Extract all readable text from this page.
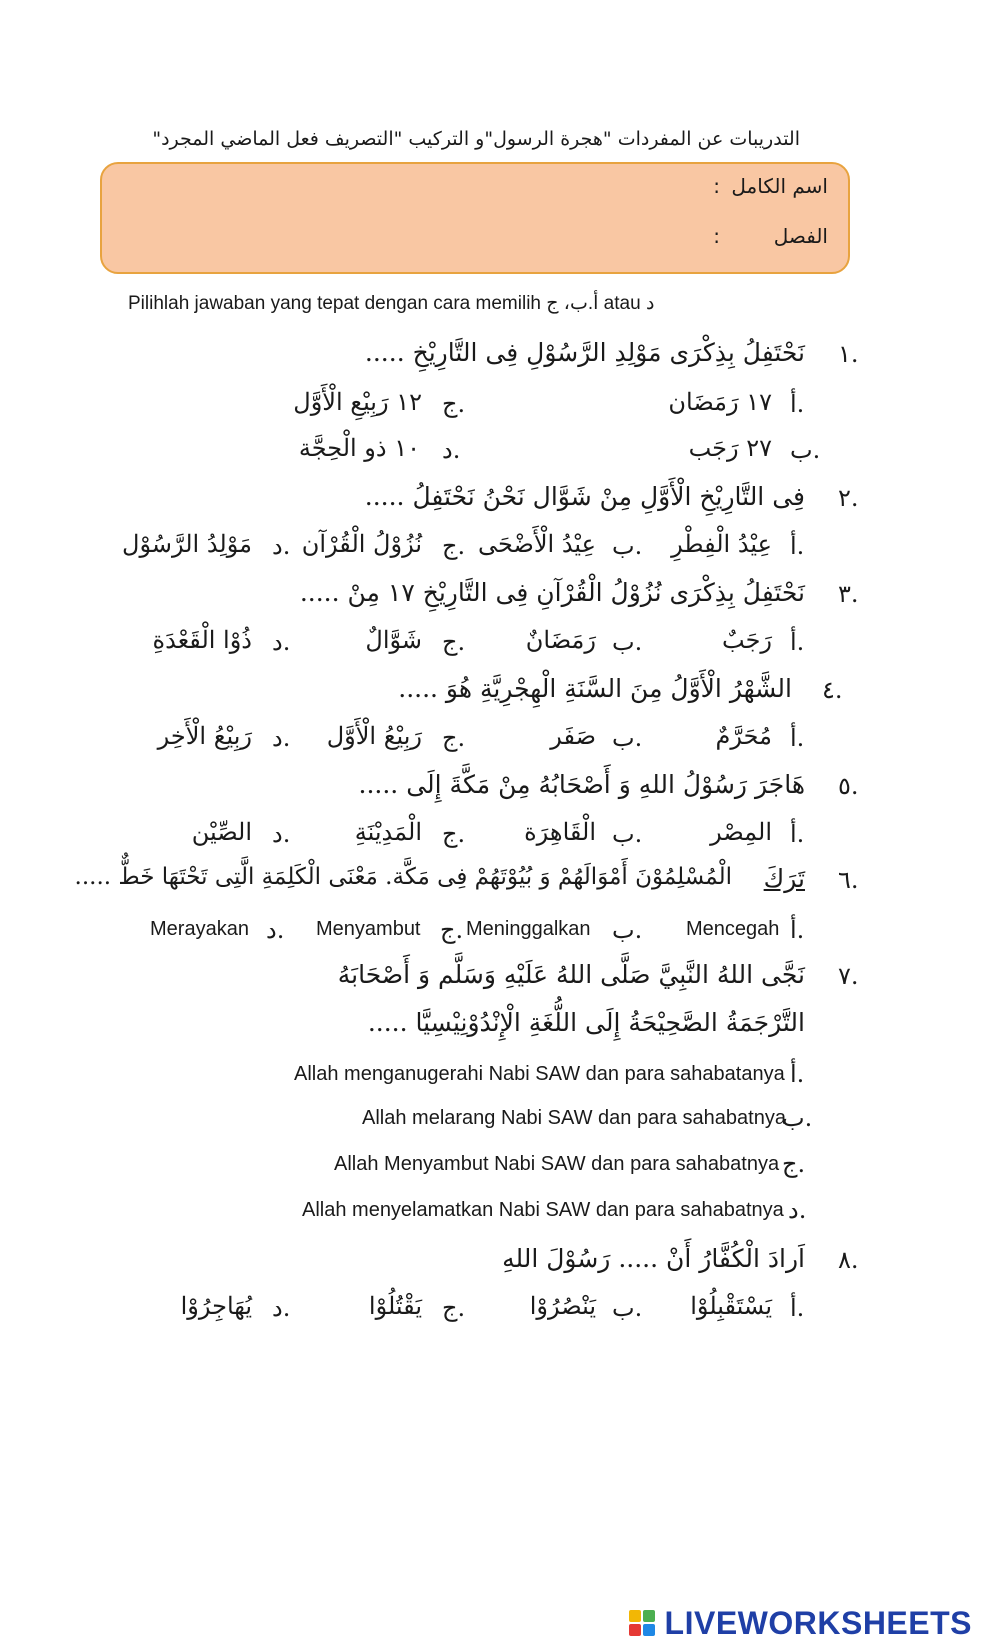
التدريبات عن المفردات "هجرة الرسول"و التركيب "التصريف فعل الماضي المجرد"
اسم الكامل
:
الفصل
:
Pilihlah jawaban yang tepat dengan cara memilih أ.ب، ج atau د
١.
نَحْتَفِلُ بِذِكْرَى مَوْلِدِ الرَّسُوْلِ فِى التَّارِيْخِ .....
أ.
١٧ رَمَضَان
ج.
١٢ رَبِيْعِ الْأَوَّل
ب.
٢٧ رَجَب
د.
١٠ ذو الْحِجَّة
٢.
فِى التَّارِيْخِ الْأَوَّلِ مِنْ شَوَّال نَحْنُ نَحْتَفِلُ .....
أ.
عِيْدُ الْفِطْرِ
ب.
عِيْدُ الْأَضْحَى
ج.
نُزُوْلُ الْقُرْآن
د.
مَوْلِدُ الرَّسُوْل
٣.
نَحْتَفِلُ بِذِكْرَى نُزُوْلُ الْقُرْآنِ فِى التَّارِيْخِ ١٧ مِنْ .....
أ.
رَجَبٌ
ب.
رَمَضَانٌ
ج.
شَوَّالٌ
د.
ذُوْا الْقَعْدَةِ
٤.
الشَّهْرُ الْأَوَّلُ مِنَ السَّنَةِ الْهِجْرِيَّةِ هُوَ .....
أ.
مُحَرَّمٌ
ب.
صَفَر
ج.
رَبِيْعُ الْأَوَّل
د.
رَبِيْعُ الْأَخِر
٥.
هَاجَرَ رَسُوْلُ اللهِ وَ أَصْحَابُهُ مِنْ مَكَّةَ إِلَى .....
أ.
المِصْر
ب.
الْقَاهِرَة
ج.
الْمَدِيْنَةِ
د.
الصِّيْن
٦.
تَرَكَ
الْمُسْلِمُوْنَ أَمْوَالَهُمْ وَ بُيُوْتَهُمْ فِى مَكَّة. مَعْنَى الْكَلِمَةِ الَّتِى تَحْتَهَا خَطٌّ .....
أ.
Mencegah
ب.
Meninggalkan
ج.
Menyambut
د.
Merayakan
٧.
نَجَّى اللهُ النَّبِيَّ صَلَّى اللهُ عَلَيْهِ وَسَلَّم وَ أَصْحَابَهُ
التَّرْجَمَةُ الصَّحِيْحَةُ إِلَى اللُّغَةِ الْإِنْدُوْنِيْسِيَّا .....
أ.
Allah menganugerahi Nabi SAW dan para sahabatanya
ب.
Allah melarang Nabi SAW dan para sahabatnya
ج.
Allah Menyambut Nabi SAW dan para sahabatnya
د.
Allah menyelamatkan Nabi SAW dan para sahabatnya
٨.
اَرادَ الْكُفَّارُ أَنْ ..... رَسُوْلَ اللهِ
أ.
يَسْتَقْبِلُوْا
ب.
يَنْصُرُوْا
ج.
يَقْتُلُوْا
د.
يُهَاجِرُوْا
LIVEWORKSHEETS
